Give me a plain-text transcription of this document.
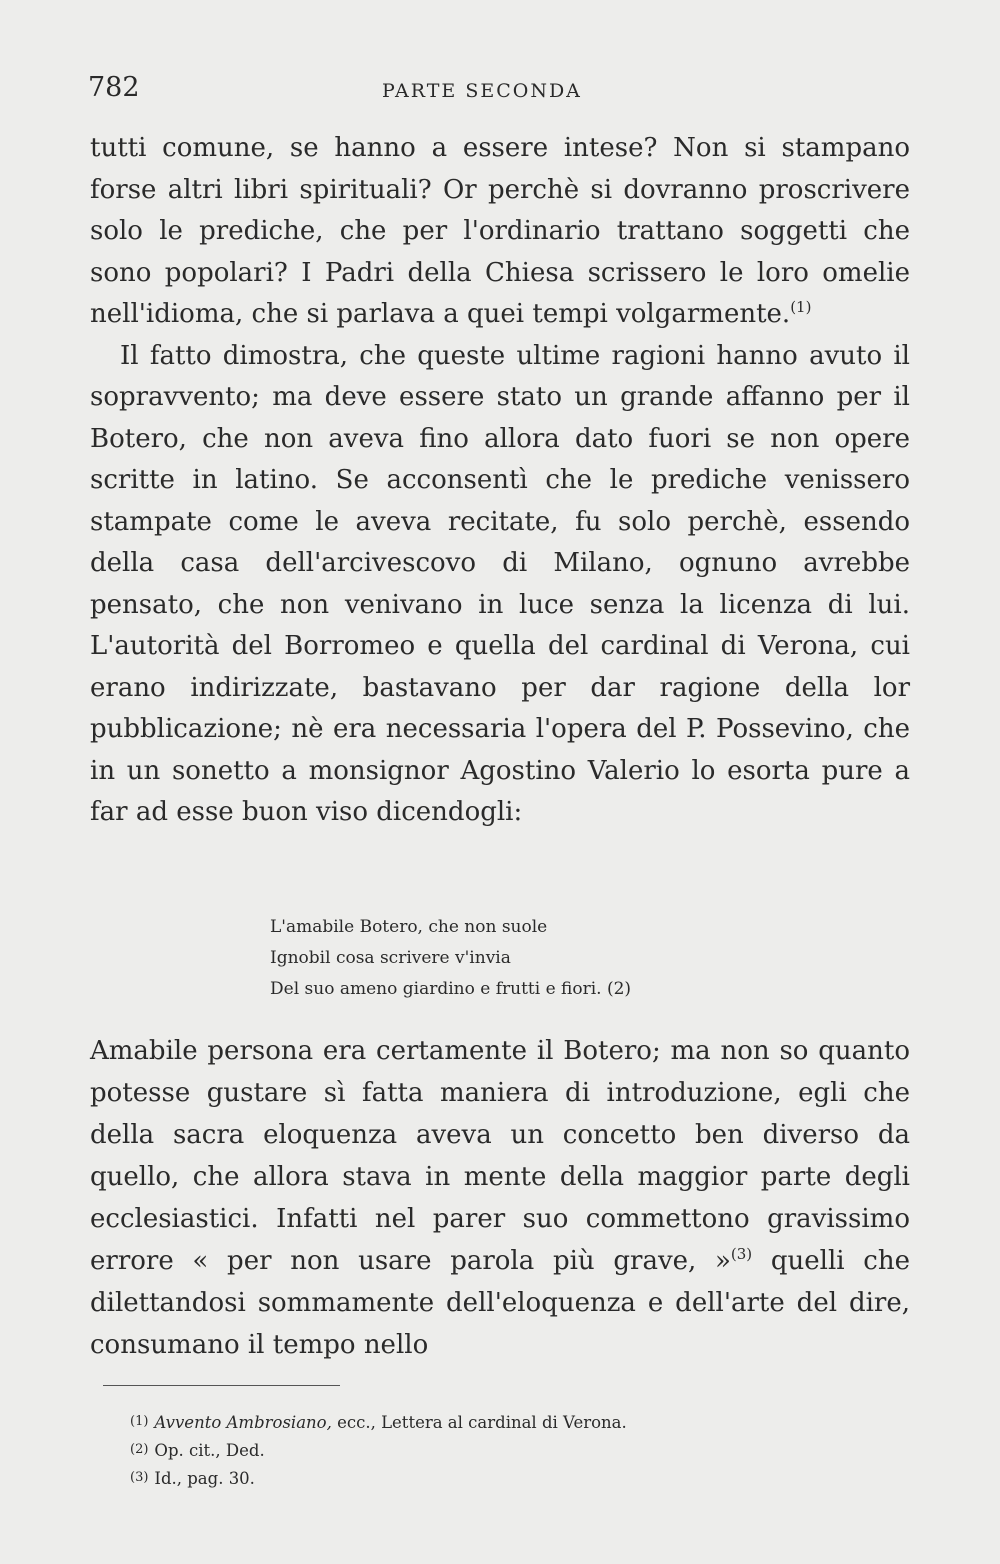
782	PARTE SECONDA

tutti comune, se hanno a essere intese? Non si stampano forse altri libri spirituali? Or perchè si dovranno proscrivere solo le prediche, che per l'ordinario trattano soggetti che sono popolari? I Padri della Chiesa scrissero le loro omelie nell'idioma, che si parlava a quei tempi volgarmente.$^{(1)}$

Il fatto dimostra, che queste ultime ragioni hanno avuto il sopravvento; ma deve essere stato un grande affanno per il Botero, che non aveva fino allora dato fuori se non opere scritte in latino. Se acconsentì che le prediche venissero stampate come le aveva recitate, fu solo perchè, essendo della casa dell'arcivescovo di Milano, ognuno avrebbe pensato, che non venivano in luce senza la licenza di lui. L'autorità del Borromeo e quella del cardinal di Verona, cui erano indirizzate, bastavano per dar ragione della lor pubblicazione; nè era necessaria l'opera del P. Possevino, che in un sonetto a monsignor Agostino Valerio lo esorta pure a far ad esse buon viso dicendogli:

L'amabile Botero, che non suole
Ignobil cosa scrivere v'invia
Del suo ameno giardino e frutti e fiori. (2)

Amabile persona era certamente il Botero; ma non so quanto potesse gustare sì fatta maniera di introduzione, egli che della sacra eloquenza aveva un concetto ben diverso da quello, che allora stava in mente della maggior parte degli ecclesiastici. Infatti nel parer suo commettono gravissimo errore « per non usare parola più grave, »$^{(3)}$ quelli che dilettandosi sommamente dell'eloquenza e dell'arte del dire, consumano il tempo nello

(1) Avvento Ambrosiano, ecc., Lettera al cardinal di Verona.
(2) Op. cit., Ded.
(3) Id., pag. 30.
